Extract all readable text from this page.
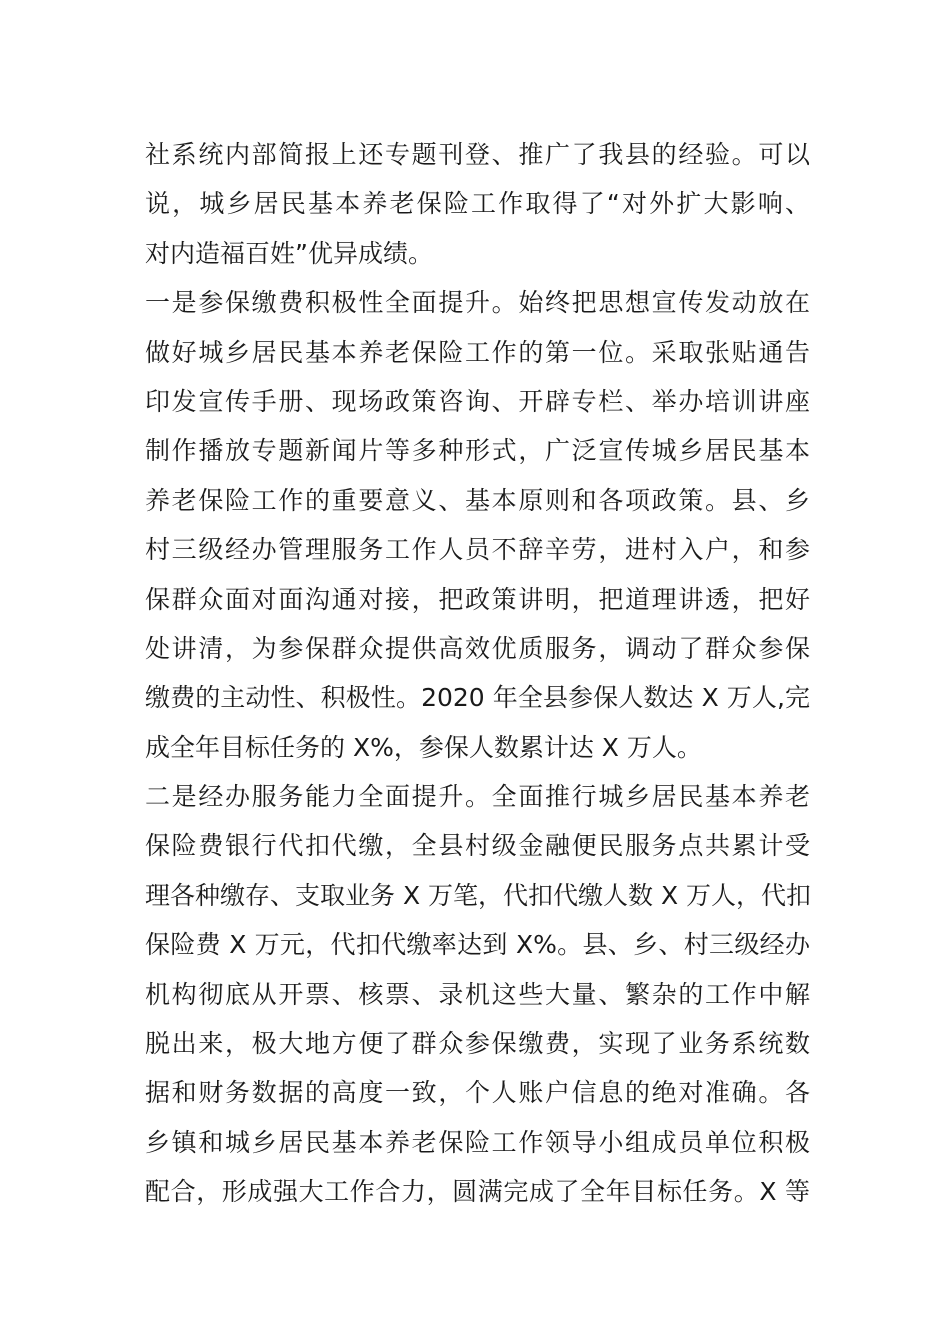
社系统内部简报上还专题刊登、推广了我县的经验。可以
说，城乡居民基本养老保险工作取得了“对外扩大影响、
对内造福百姓”优异成绩。
一是参保缴费积极性全面提升。始终把思想宣传发动放在
做好城乡居民基本养老保险工作的第一位。采取张贴通告
印发宣传手册、现场政策咨询、开辟专栏、举办培训讲座
制作播放专题新闻片等多种形式，广泛宣传城乡居民基本
养老保险工作的重要意义、基本原则和各项政策。县、乡
村三级经办管理服务工作人员不辞辛劳，进村入户，和参
保群众面对面沟通对接，把政策讲明，把道理讲透，把好
处讲清，为参保群众提供高效优质服务，调动了群众参保
缴费的主动性、积极性。2020 年全县参保人数达 X 万人,完
成全年目标任务的 X%，参保人数累计达 X 万人。
二是经办服务能力全面提升。全面推行城乡居民基本养老
保险费银行代扣代缴，全县村级金融便民服务点共累计受
理各种缴存、支取业务 X 万笔，代扣代缴人数 X 万人，代扣
保险费 X 万元，代扣代缴率达到 X%。县、乡、村三级经办
机构彻底从开票、核票、录机这些大量、繁杂的工作中解
脱出来，极大地方便了群众参保缴费，实现了业务系统数
据和财务数据的高度一致，个人账户信息的绝对准确。各
乡镇和城乡居民基本养老保险工作领导小组成员单位积极
配合，形成强大工作合力，圆满完成了全年目标任务。X 等
